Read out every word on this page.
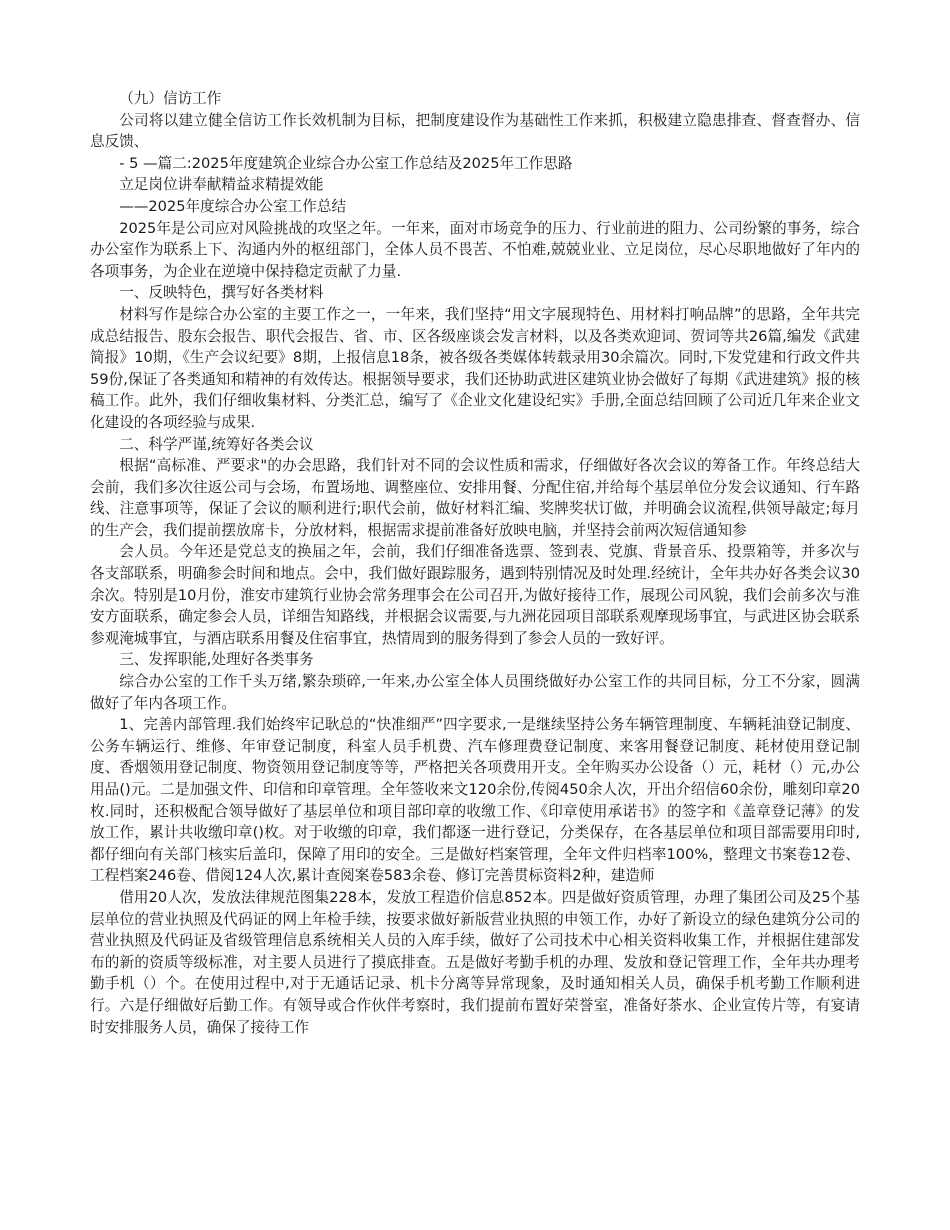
（九）信访工作

公司将以建立健全信访工作长效机制为目标，把制度建设作为基础性工作来抓，积极建立隐患排查、督查督办、信息反馈、

- 5 —篇二:2025年度建筑企业综合办公室工作总结及2025年工作思路

立足岗位讲奉献精益求精提效能

——2025年度综合办公室工作总结

2025年是公司应对风险挑战的攻坚之年。一年来，面对市场竞争的压力、行业前进的阻力、公司纷繁的事务，综合办公室作为联系上下、沟通内外的枢纽部门，全体人员不畏苦、不怕难,兢兢业业、立足岗位，尽心尽职地做好了年内的各项事务，为企业在逆境中保持稳定贡献了力量.

一、反映特色，撰写好各类材料

材料写作是综合办公室的主要工作之一，一年来，我们坚持“用文字展现特色、用材料打响品牌”的思路，全年共完成总结报告、股东会报告、职代会报告、省、市、区各级座谈会发言材料，以及各类欢迎词、贺词等共26篇,编发《武建简报》10期，《生产会议纪要》8期，上报信息18条，被各级各类媒体转载录用30余篇次。同时,下发党建和行政文件共59份,保证了各类通知和精神的有效传达。根据领导要求，我们还协助武进区建筑业协会做好了每期《武进建筑》报的核稿工作。此外，我们仔细收集材料、分类汇总，编写了《企业文化建设纪实》手册,全面总结回顾了公司近几年来企业文化建设的各项经验与成果.

二、科学严谨,统筹好各类会议

根据“高标准、严要求"的办会思路，我们针对不同的会议性质和需求，仔细做好各次会议的筹备工作。年终总结大会前，我们多次往返公司与会场，布置场地、调整座位、安排用餐、分配住宿,并给每个基层单位分发会议通知、行车路线、注意事项等，保证了会议的顺利进行;职代会前，做好材料汇编、奖牌奖状订做，并明确会议流程,供领导敲定;每月的生产会，我们提前摆放席卡，分放材料，根据需求提前准备好放映电脑，并坚持会前两次短信通知参

会人员。今年还是党总支的换届之年，会前，我们仔细准备选票、签到表、党旗、背景音乐、投票箱等，并多次与各支部联系，明确参会时间和地点。会中，我们做好跟踪服务，遇到特别情况及时处理.经统计，全年共办好各类会议30余次。特别是10月份，淮安市建筑行业协会常务理事会在公司召开,为做好接待工作，展现公司风貌，我们会前多次与淮安方面联系，确定参会人员，详细告知路线，并根据会议需要,与九洲花园项目部联系观摩现场事宜，与武进区协会联系参观淹城事宜，与酒店联系用餐及住宿事宜，热情周到的服务得到了参会人员的一致好评。

三、发挥职能,处理好各类事务

综合办公室的工作千头万绪,繁杂琐碎,一年来,办公室全体人员围绕做好办公室工作的共同目标，分工不分家，圆满做好了年内各项工作。

1、完善内部管理.我们始终牢记耿总的“快准细严”四字要求,一是继续坚持公务车辆管理制度、车辆耗油登记制度、公务车辆运行、维修、年审登记制度，科室人员手机费、汽车修理费登记制度、来客用餐登记制度、耗材使用登记制度、香烟领用登记制度、物资领用登记制度等等，严格把关各项费用开支。全年购买办公设备（）元，耗材（）元,办公用品()元。二是加强文件、印信和印章管理。全年签收来文120余份,传阅450余人次，开出介绍信60余份，雕刻印章20枚.同时，还积极配合领导做好了基层单位和项目部印章的收缴工作、《印章使用承诺书》的签字和《盖章登记薄》的发放工作，累计共收缴印章()枚。对于收缴的印章，我们都逐一进行登记，分类保存，在各基层单位和项目部需要用印时,都仔细向有关部门核实后盖印，保障了用印的安全。三是做好档案管理，全年文件归档率100%，整理文书案卷12卷、工程档案246卷、借阅124人次,累计查阅案卷583余卷、修订完善贯标资料2种，建造师

借用20人次，发放法律规范图集228本，发放工程造价信息852本。四是做好资质管理，办理了集团公司及25个基层单位的营业执照及代码证的网上年检手续，按要求做好新版营业执照的申领工作，办好了新设立的绿色建筑分公司的营业执照及代码证及省级管理信息系统相关人员的入库手续，做好了公司技术中心相关资料收集工作，并根据住建部发布的新的资质等级标准，对主要人员进行了摸底排查。五是做好考勤手机的办理、发放和登记管理工作，全年共办理考勤手机（）个。在使用过程中,对于无通话记录、机卡分离等异常现象，及时通知相关人员，确保手机考勤工作顺利进行。六是仔细做好后勤工作。有领导或合作伙伴考察时，我们提前布置好荣誉室，准备好茶水、企业宣传片等，有宴请时安排服务人员，确保了接待工作
